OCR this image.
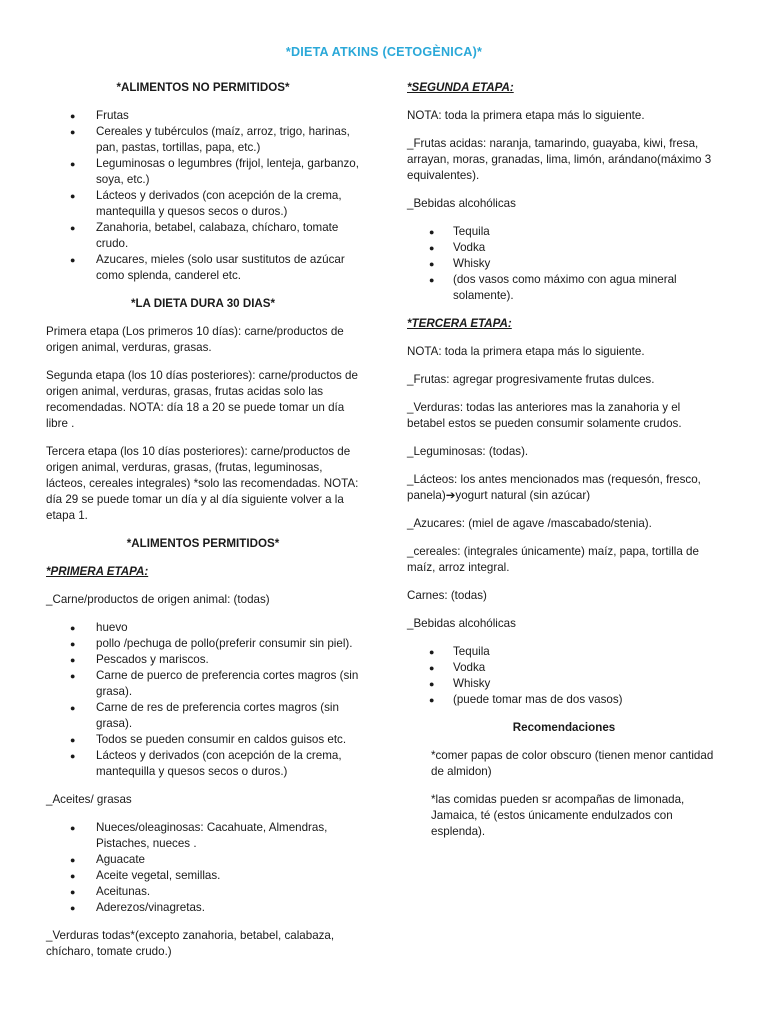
*DIETA ATKINS (CETOGÈNICA)*
*ALIMENTOS NO PERMITIDOS*
● Frutas
● Cereales y tubérculos (maíz, arroz, trigo, harinas, pan, pastas, tortillas, papa, etc.)
● Leguminosas o legumbres (frijol, lenteja, garbanzo, soya, etc.)
● Lácteos y derivados (con acepción de la crema, mantequilla y quesos secos o duros.)
● Zanahoria, betabel, calabaza, chícharo, tomate crudo.
● Azucares, mieles (solo usar sustitutos de azúcar como splenda, canderel etc.
*LA DIETA DURA 30 DIAS*

Primera etapa (Los primeros 10 días): carne/productos de origen animal, verduras, grasas.

Segunda etapa (los 10 días posteriores): carne/productos de origen animal, verduras, grasas, frutas acidas solo las recomendadas. NOTA: día 18 a 20 se puede tomar un día libre .

Tercera etapa (los 10 días posteriores): carne/productos de origen animal, verduras, grasas, (frutas, leguminosas, lácteos, cereales integrales) *solo las recomendadas. NOTA: día 29 se puede tomar un día y al día siguiente volver a la etapa 1.

*ALIMENTOS PERMITIDOS*
*PRIMERA ETAPA:

_Carne/productos de origen animal: (todas)

● huevo
● pollo /pechuga de pollo(preferir consumir sin piel).
● Pescados y mariscos.
● Carne de puerco de preferencia cortes magros (sin grasa).
● Carne de res de preferencia cortes magros (sin grasa).
● Todos se pueden consumir en caldos guisos etc.
● Lácteos y derivados (con acepción de la crema, mantequilla y quesos secos o duros.)

_Aceites/ grasas

● Nueces/oleaginosas: Cacahuate, Almendras, Pistaches, nueces .
● Aguacate
● Aceite vegetal, semillas.
● Aceitunas.
● Aderezos/vinagretas.

_Verduras todas*(excepto zanahoria, betabel, calabaza, chícharo, tomate crudo.)

*SEGUNDA ETAPA:

NOTA: toda la primera etapa más lo siguiente.

_Frutas acidas: naranja, tamarindo, guayaba, kiwi, fresa, arrayan, moras, granadas, lima, limón, arándano(máximo 3 equivalentes).

_Bebidas alcohólicas

● Tequila
● Vodka
● Whisky
● (dos vasos como máximo con agua mineral solamente).
*TERCERA ETAPA:

NOTA: toda la primera etapa más lo siguiente.

_Frutas: agregar progresivamente frutas dulces.

_Verduras: todas las anteriores mas la zanahoria y el betabel estos se pueden consumir solamente crudos.

_Leguminosas: (todas).

_Lácteos: los antes mencionados mas (requesón, fresco, panela)➔yogurt natural (sin azúcar)

_Azucares: (miel de agave /mascabado/stenia).

_cereales: (integrales únicamente) maíz, papa, tortilla de maíz, arroz integral.

Carnes: (todas)

_Bebidas alcohólicas

● Tequila
● Vodka
● Whisky
● (puede tomar mas de dos vasos)
Recomendaciones

*comer papas de color obscuro (tienen menor cantidad de almidon)

*las comidas pueden sr acompañas de limonada, Jamaica, té (estos únicamente endulzados con esplenda).
